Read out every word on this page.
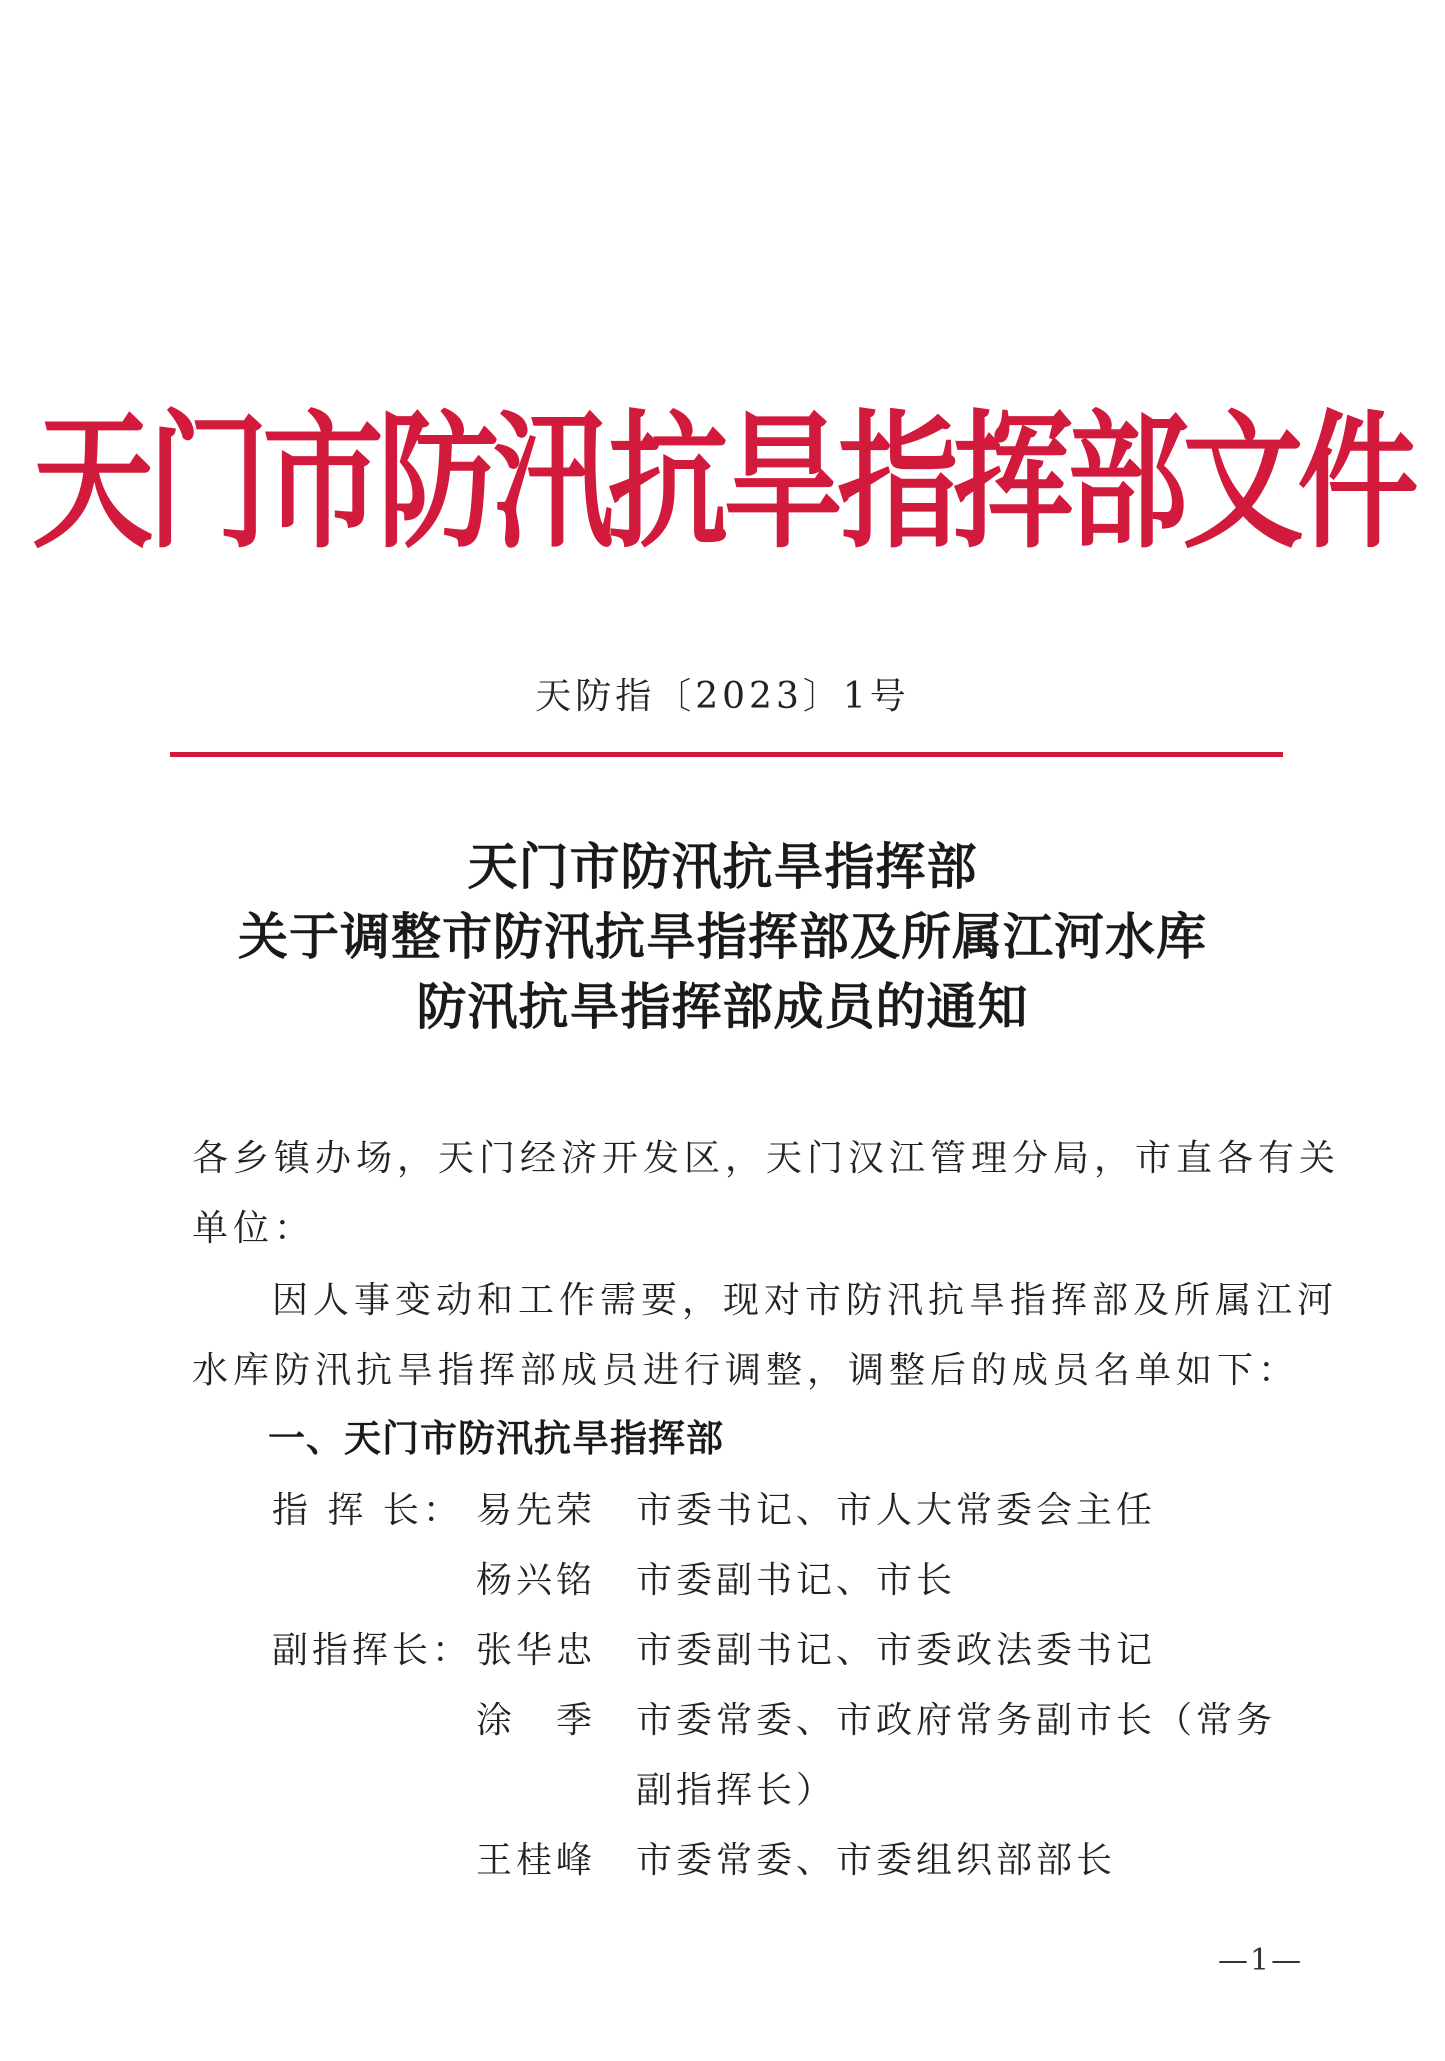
天门市防汛抗旱指挥部文件
天防指〔2023〕1号
天门市防汛抗旱指挥部
关于调整市防汛抗旱指挥部及所属江河水库
防汛抗旱指挥部成员的通知
各乡镇办场，天门经济开发区，天门汉江管理分局，市直各有关
单位：
因人事变动和工作需要，现对市防汛抗旱指挥部及所属江河
水库防汛抗旱指挥部成员进行调整，调整后的成员名单如下：
一、天门市防汛抗旱指挥部
指 挥 长： 易先荣	市委书记、市人大常委会主任
杨兴铭	市委副书记、市长
副指挥长： 张华忠	市委副书记、市委政法委书记
涂　季	市委常委、市政府常务副市长（常务
副指挥长）
王桂峰	市委常委、市委组织部部长
—1—
